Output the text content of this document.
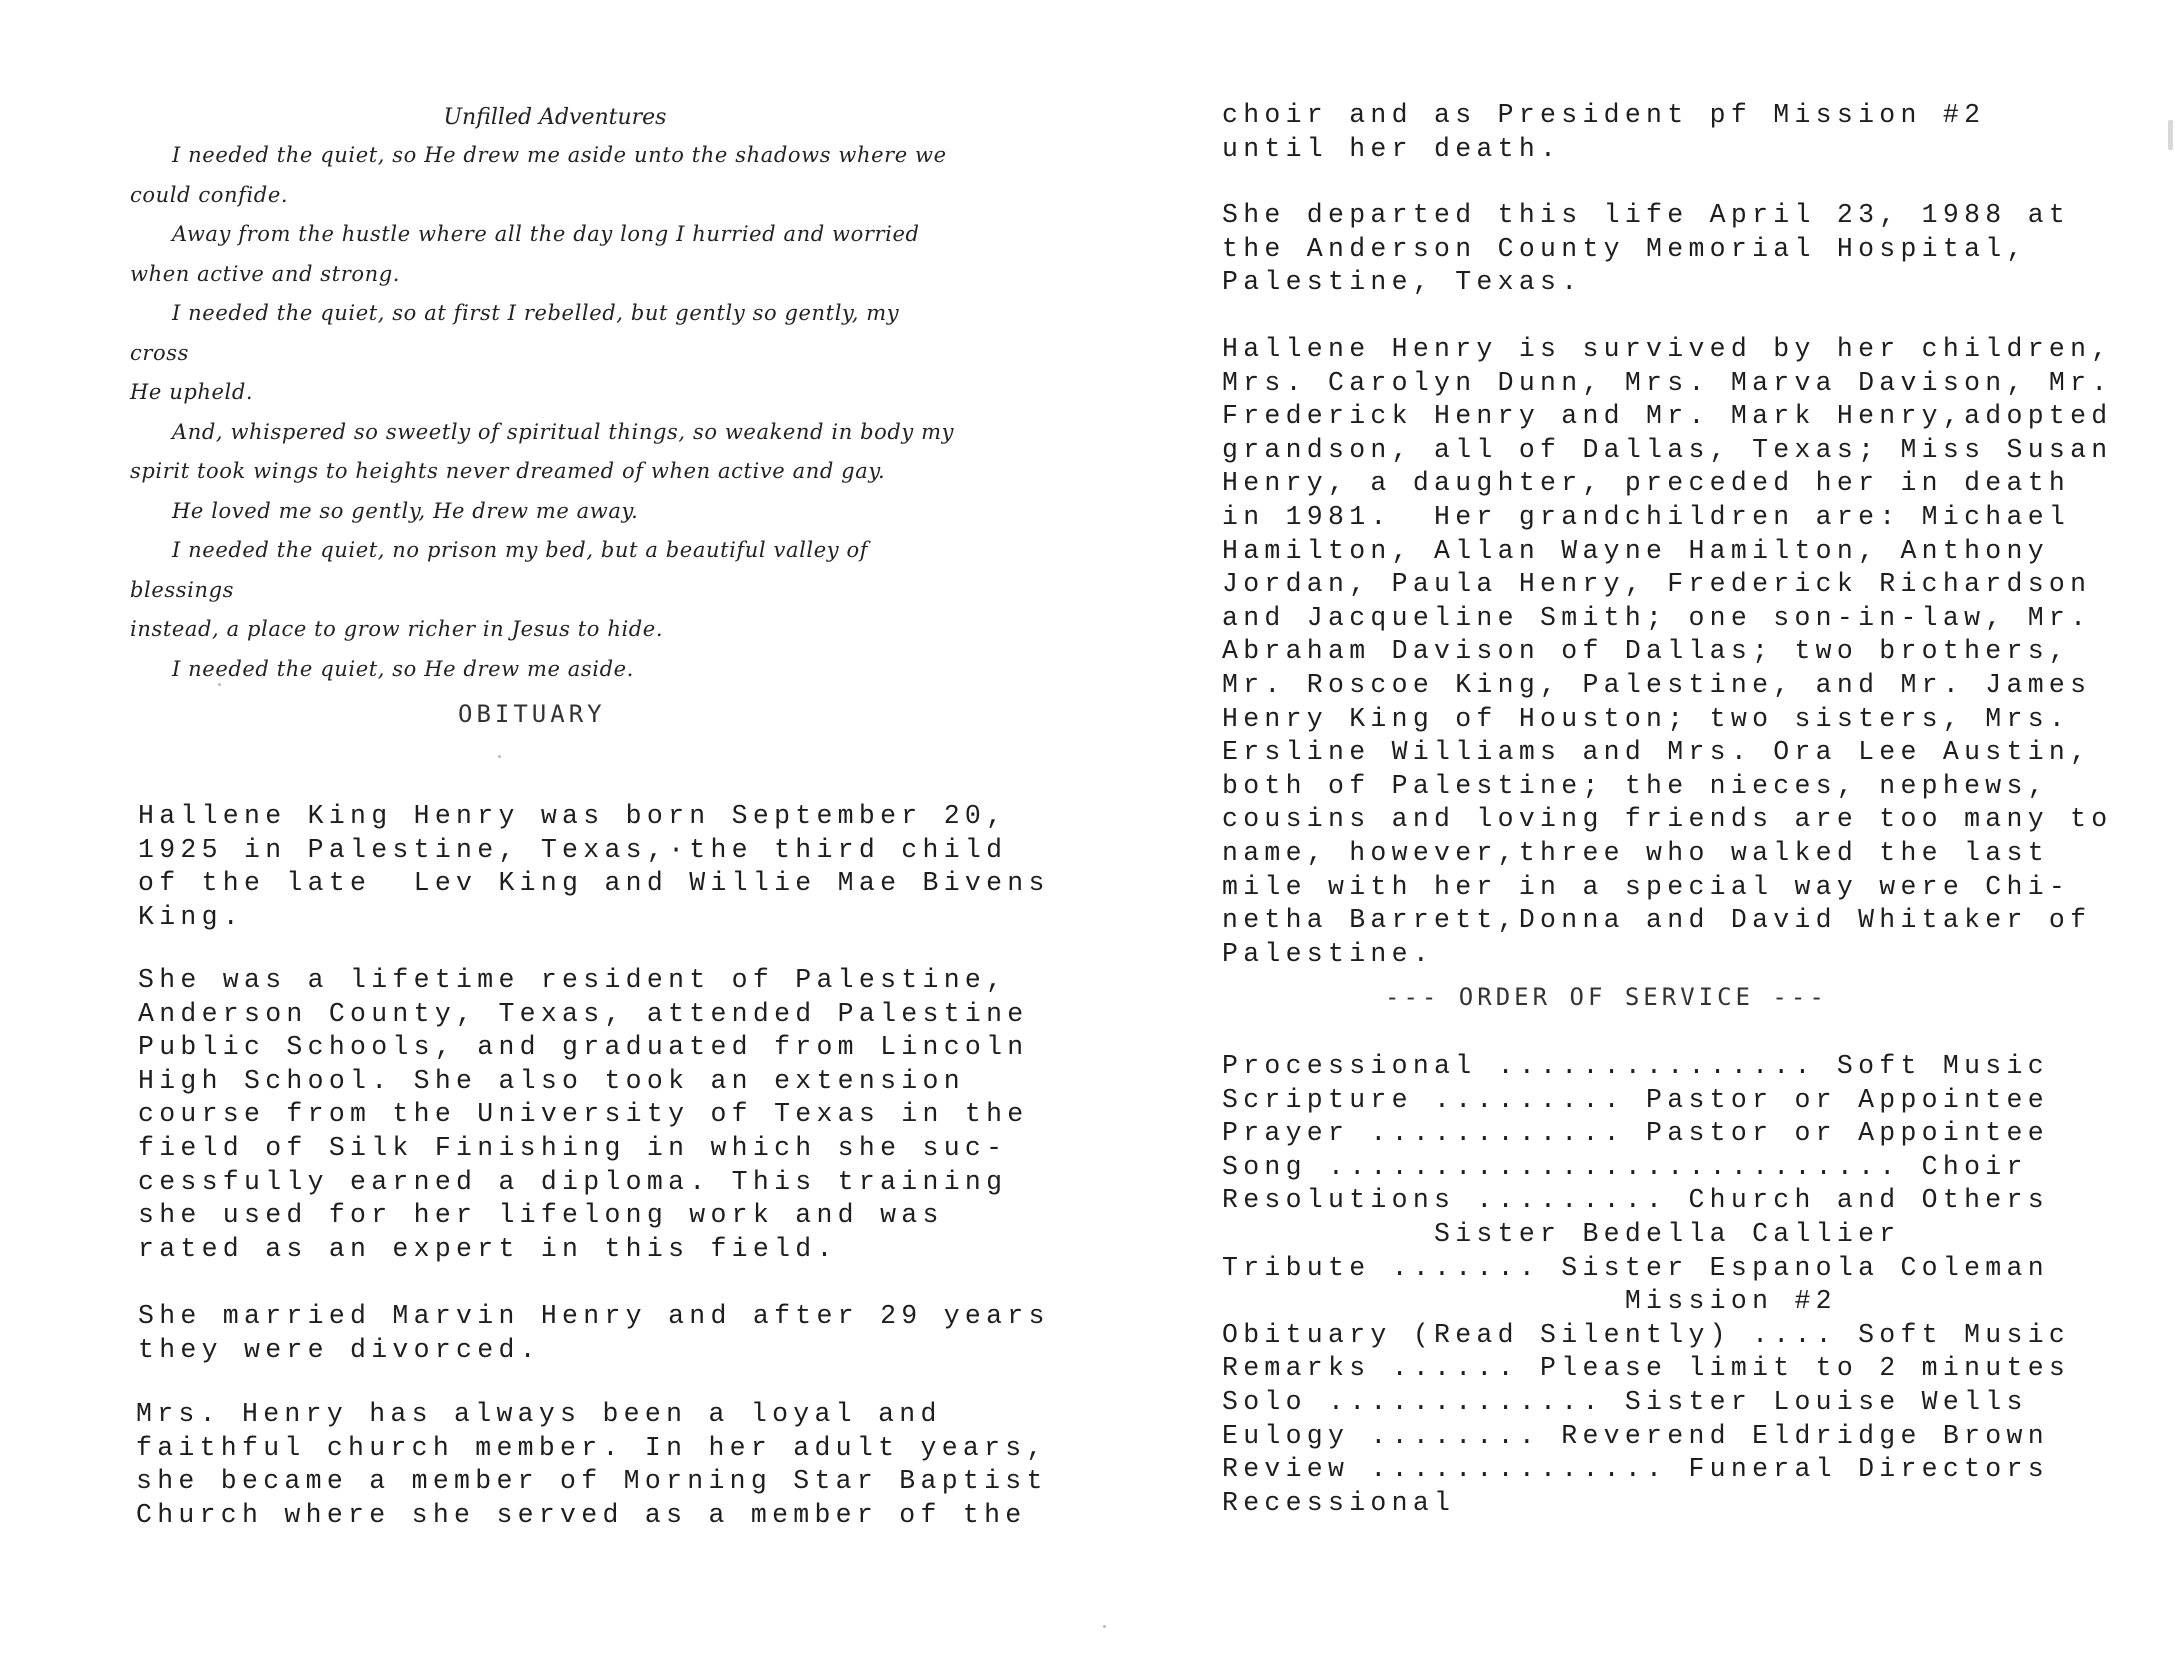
Unfilled Adventures

I needed the quiet, so He drew me aside unto the shadows where we

could confide.

Away from the hustle where all the day long I hurried and worried

when active and strong.

I needed the quiet, so at first I rebelled, but gently so gently, my cross

He upheld.

And, whispered so sweetly of spiritual things, so weakend in body my

spirit took wings to heights never dreamed of when active and gay.

He loved me so gently, He drew me away.

I needed the quiet, no prison my bed, but a beautiful valley of blessings

instead, a place to grow richer in Jesus to hide.

I needed the quiet, so He drew me aside.

OBITUARY
Hallene King Henry was born September 20,
1925 in Palestine, Texas,·the third child
of the late  Lev King and Willie Mae Bivens
King.
She was a lifetime resident of Palestine,
Anderson County, Texas, attended Palestine
Public Schools, and graduated from Lincoln
High School. She also took an extension
course from the University of Texas in the
field of Silk Finishing in which she suc-
cessfully earned a diploma. This training
she used for her lifelong work and was
rated as an expert in this field.
She married Marvin Henry and after 29 years
they were divorced.
Mrs. Henry has always been a loyal and
faithful church member. In her adult years,
she became a member of Morning Star Baptist
Church where she served as a member of the
choir and as President pf Mission #2
until her death.
She departed this life April 23, 1988 at
the Anderson County Memorial Hospital,
Palestine, Texas.
Hallene Henry is survived by her children,
Mrs. Carolyn Dunn, Mrs. Marva Davison, Mr.
Frederick Henry and Mr. Mark Henry,adopted
grandson, all of Dallas, Texas; Miss Susan
Henry, a daughter, preceded her in death
in 1981.  Her grandchildren are: Michael
Hamilton, Allan Wayne Hamilton, Anthony
Jordan, Paula Henry, Frederick Richardson
and Jacqueline Smith; one son-in-law, Mr.
Abraham Davison of Dallas; two brothers,
Mr. Roscoe King, Palestine, and Mr. James
Henry King of Houston; two sisters, Mrs.
Ersline Williams and Mrs. Ora Lee Austin,
both of Palestine; the nieces, nephews,
cousins and loving friends are too many to
name, however,three who walked the last
mile with her in a special way were Chi-
netha Barrett,Donna and David Whitaker of
Palestine.
--- ORDER OF SERVICE ---
Processional ............... Soft Music
Scripture ......... Pastor or Appointee
Prayer ............ Pastor or Appointee
Song ........................... Choir
Resolutions ......... Church and Others
Sister Bedella Callier
Tribute ....... Sister Espanola Coleman
Mission #2
Obituary (Read Silently) .... Soft Music
Remarks ...... Please limit to 2 minutes
Solo ............. Sister Louise Wells
Eulogy ........ Reverend Eldridge Brown
Review .............. Funeral Directors
Recessional
